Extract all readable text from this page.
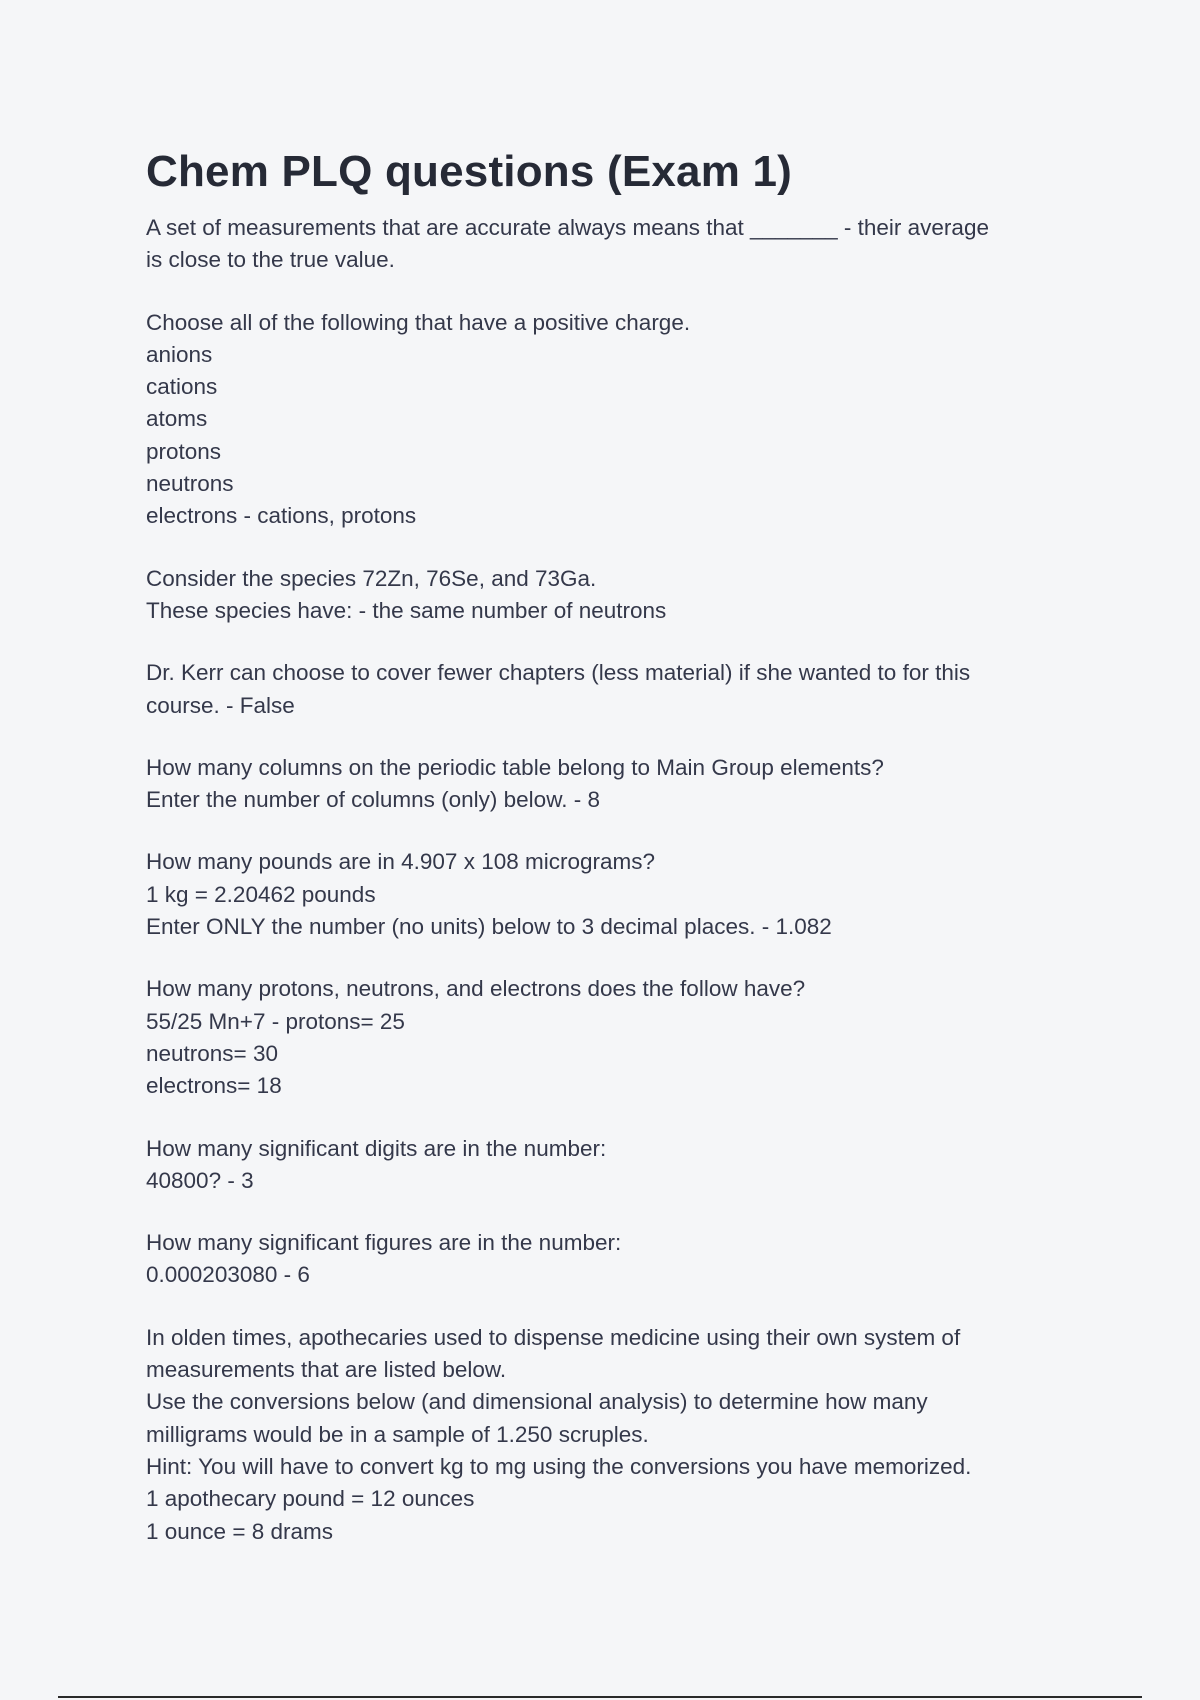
Chem PLQ questions (Exam 1)
A set of measurements that are accurate always means that _______ - their average
is close to the true value.
Choose all of the following that have a positive charge.
anions
cations
atoms
protons
neutrons
electrons - cations, protons
Consider the species 72Zn, 76Se, and 73Ga.
These species have: - the same number of neutrons
Dr. Kerr can choose to cover fewer chapters (less material) if she wanted to for this
course. - False
How many columns on the periodic table belong to Main Group elements?
Enter the number of columns (only) below. - 8
How many pounds are in 4.907 x 108 micrograms?
1 kg = 2.20462 pounds
Enter ONLY the number (no units) below to 3 decimal places. - 1.082
How many protons, neutrons, and electrons does the follow have?
55/25 Mn+7 - protons= 25
neutrons= 30
electrons= 18
How many significant digits are in the number:
40800? - 3
How many significant figures are in the number:
0.000203080 - 6
In olden times, apothecaries used to dispense medicine using their own system of
measurements that are listed below.
Use the conversions below (and dimensional analysis) to determine how many
milligrams would be in a sample of 1.250 scruples.
Hint: You will have to convert kg to mg using the conversions you have memorized.
1 apothecary pound = 12 ounces
1 ounce = 8 drams
